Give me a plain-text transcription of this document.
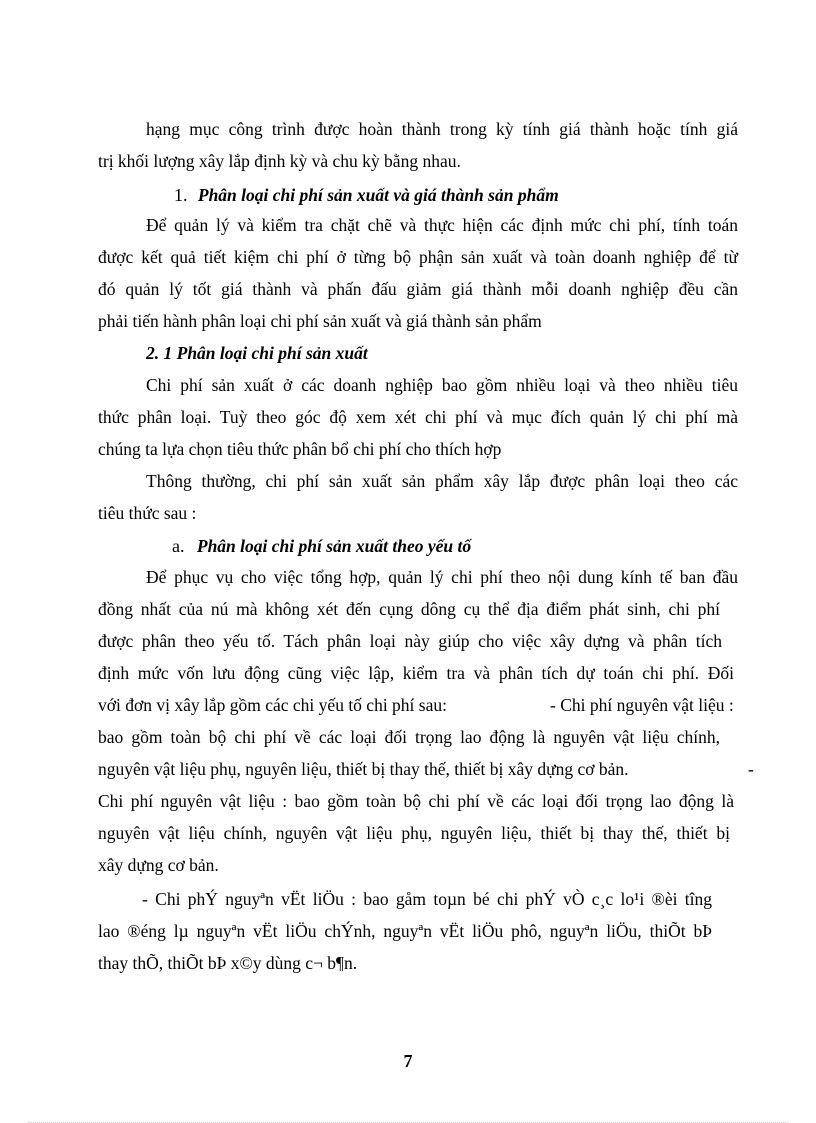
hạng mục công trình được hoàn thành trong kỳ tính giá thành hoặc tính giá
trị khối lượng xây lắp định kỳ và chu kỳ bằng nhau.
1. Phân loại chi phí sản xuất và giá thành sản phẩm
Để quản lý và kiểm tra chặt chẽ và thực hiện các định mức chi phí, tính toán
được kết quả tiết kiệm chi phí ở từng bộ phận sản xuất và toàn doanh nghiệp để từ
đó quản lý tốt giá thành và phấn đấu giảm giá thành mỗi doanh nghiệp đều cần
phải tiến hành phân loại chi phí sản xuất và giá thành sản phẩm
2. 1 Phân loại chi phí sản xuất
Chi phí sản xuất ở các doanh nghiệp bao gồm nhiều loại và theo nhiều tiêu
thức phân loại. Tuỳ theo góc độ xem xét chi phí và mục đích quản lý chi phí mà
chúng ta lựa chọn tiêu thức phân bổ chi phí cho thích hợp
Thông thường, chi phí sản xuất sản phẩm xây lắp được phân loại theo các
tiêu thức sau :
a. Phân loại chi phí sản xuất theo yếu tố
Để phục vụ cho việc tổng hợp, quản lý chi phí theo nội dung kính tế ban đầu
đồng nhất của nú mà không xét đến cụng dông cụ thể địa điểm phát sinh, chi phí
được phân theo yếu tố. Tách phân loại này giúp cho việc xây dựng và phân tích
định mức vốn lưu động cũng việc lập, kiểm tra và phân tích dự toán chi phí. Đối
với đơn vị xây lắp gồm các chi yếu tố chi phí sau:	- Chi phí nguyên vật liệu :
bao gồm toàn bộ chi phí về các loại đối trọng lao động là nguyên vật liệu chính,
nguyên vật liệu phụ, nguyên liệu, thiết bị thay thế, thiết bị xây dựng cơ bản.	-
Chi phí nguyên vật liệu : bao gồm toàn bộ chi phí về các loại đối trọng lao động là
nguyên vật liệu chính, nguyên vật liệu phụ, nguyên liệu, thiết bị thay thế, thiết bị
xây dựng cơ bản.
- Chi phÝ nguyªn vËt liÖu : bao gåm toµn bé chi phÝ vÒ c¸c lo¹i ®èi tîng
lao ®éng lµ nguyªn vËt liÖu chÝnh, nguyªn vËt liÖu phô, nguyªn liÖu, thiÕt bÞ
thay thÕ, thiÕt bÞ x©y dùng c¬ b¶n.
7
